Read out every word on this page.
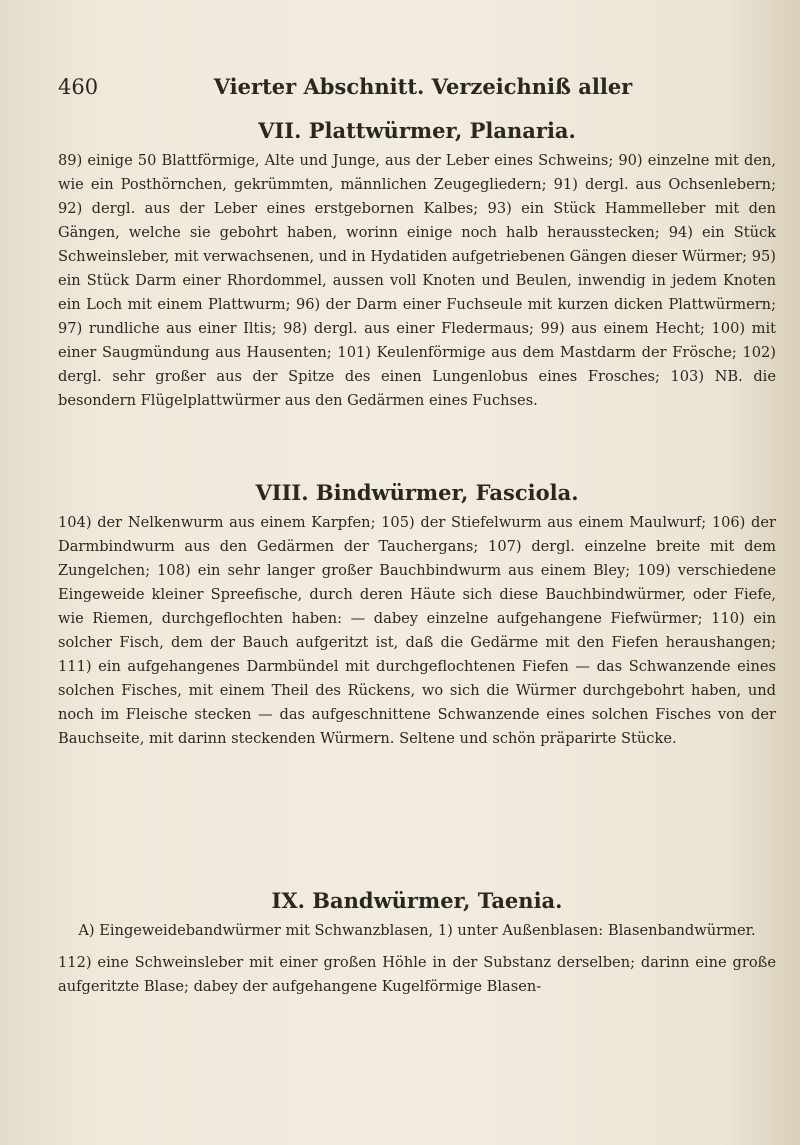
460	Vierter Abschnitt. Verzeichniß aller
VII. Plattwürmer, Planaria.

89) einige 50 Blattförmige, Alte und Junge, aus der Leber eines Schweins; 90) einzelne mit den, wie ein Posthörnchen, gekrümmten, männlichen Zeugegliedern; 91) dergl. aus Ochsenlebern; 92) dergl. aus der Leber eines erstgebornen Kalbes; 93) ein Stück Hammelleber mit den Gängen, welche sie gebohrt haben, worinn einige noch halb herausstecken; 94) ein Stück Schweinsleber, mit verwachsenen, und in Hydatiden aufgetriebenen Gängen dieser Würmer; 95) ein Stück Darm einer Rhordommel, aussen voll Knoten und Beulen, inwendig in jedem Knoten ein Loch mit einem Plattwurm; 96) der Darm einer Fuchseule mit kurzen dicken Plattwürmern; 97) rundliche aus einer Iltis; 98) dergl. aus einer Fledermaus; 99) aus einem Hecht; 100) mit einer Saugmündung aus Hausenten; 101) Keulenförmige aus dem Mastdarm der Frösche; 102) dergl. sehr großer aus der Spitze des einen Lungenlobus eines Frosches; 103) NB. die besondern Flügelplattwürmer aus den Gedärmen eines Fuchses.

VIII. Bindwürmer, Fasciola.

104) der Nelkenwurm aus einem Karpfen; 105) der Stiefelwurm aus einem Maulwurf; 106) der Darmbindwurm aus den Gedärmen der Tauchergans; 107) dergl. einzelne breite mit dem Zungelchen; 108) ein sehr langer großer Bauchbindwurm aus einem Bley; 109) verschiedene Eingeweide kleiner Spreefische, durch deren Häute sich diese Bauchbindwürmer, oder Fiefe, wie Riemen, durchgeflochten haben: — dabey einzelne aufgehangene Fiefwürmer; 110) ein solcher Fisch, dem der Bauch aufgeritzt ist, daß die Gedärme mit den Fiefen heraushangen; 111) ein aufgehangenes Darmbündel mit durchgeflochtenen Fiefen — das Schwanzende eines solchen Fisches, mit einem Theil des Rückens, wo sich die Würmer durchgebohrt haben, und noch im Fleische stecken — das aufgeschnittene Schwanzende eines solchen Fisches von der Bauchseite, mit darinn steckenden Würmern. Seltene und schön präparirte Stücke.

IX. Bandwürmer, Taenia.

A) Eingeweidebandwürmer mit Schwanzblasen, 1) unter Außenblasen: Blasenbandwürmer.

112) eine Schweinsleber mit einer großen Höhle in der Substanz derselben; darinn eine große aufgeritzte Blase; dabey der aufgehangene Kugelförmige Blasen-
